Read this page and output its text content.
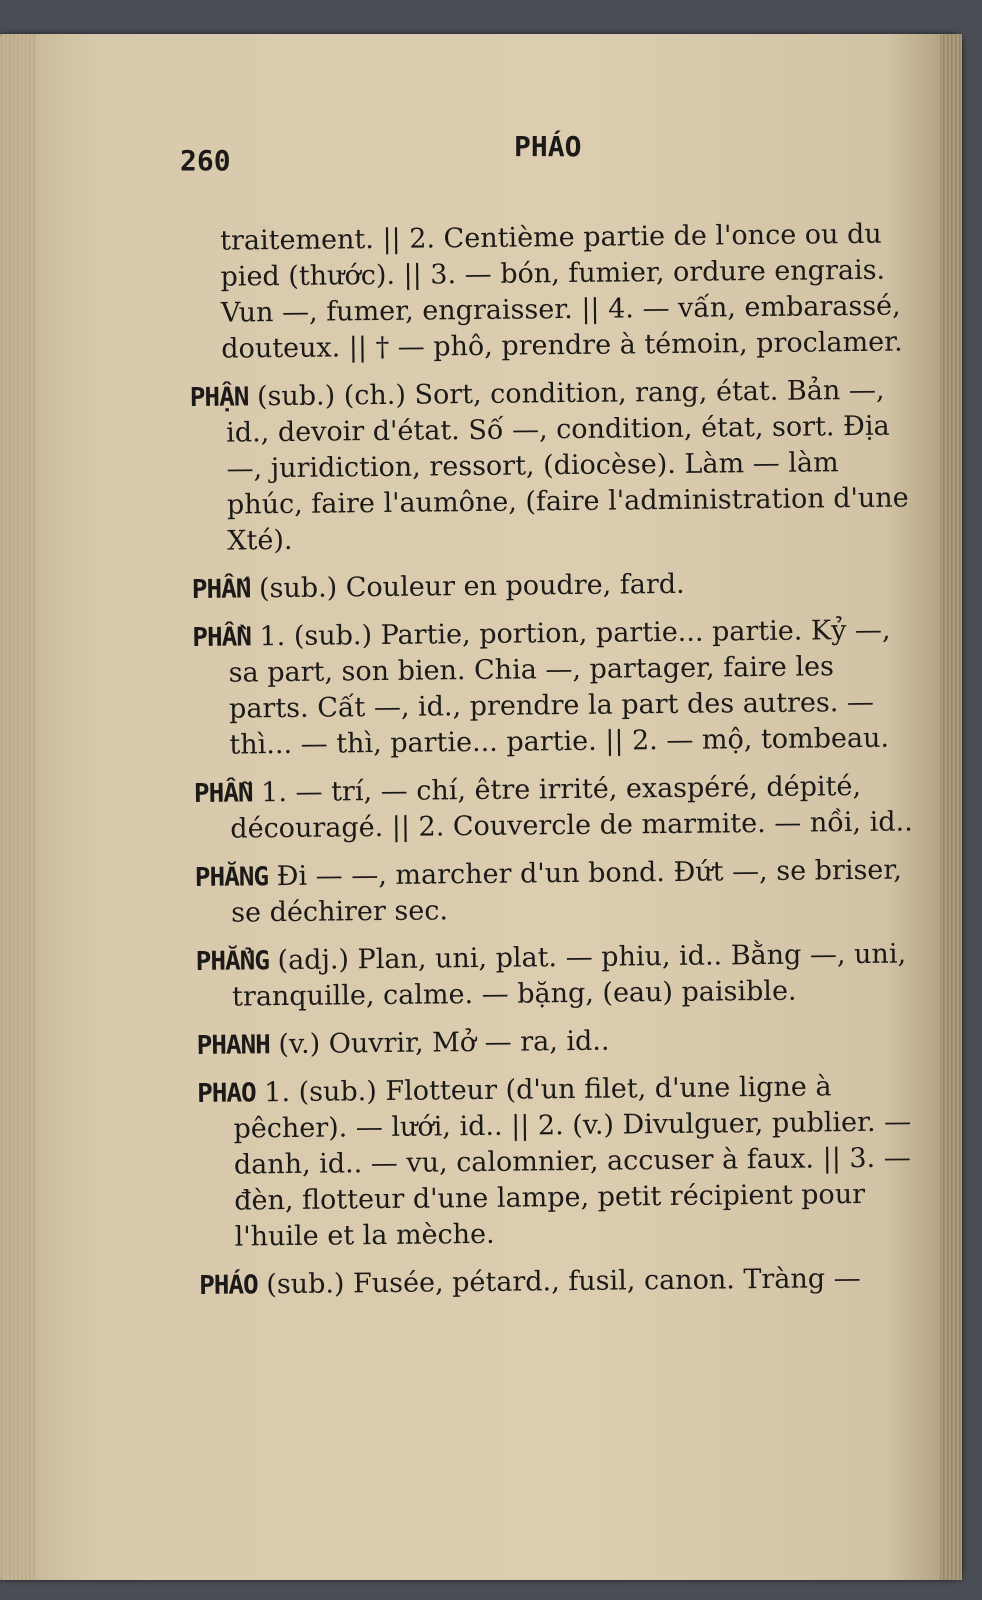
260	PHÁO
traitement. || 2. Centième partie de l'once ou du pied (thước). || 3. — bón, fumier, ordure engrais. Vun —, fumer, engraisser. || 4. — vấn, embarassé, douteux. || † — phô, prendre à témoin, proclamer.
PHẬN (sub.) (ch.) Sort, condition, rang, état. Bản —, id., devoir d'état. Số —, condition, état, sort. Địa —, juridiction, ressort, (diocèse). Làm — làm phúc, faire l'aumône, (faire l'administration d'une Xté).
PHẤN (sub.) Couleur en poudre, fard.
PHẦN 1. (sub.) Partie, portion, partie... partie. Kỷ —, sa part, son bien. Chia —, partager, faire les parts. Cất —, id., prendre la part des autres. — thì... — thì, partie... partie. || 2. — mộ, tombeau.
PHẪN 1. — trí, — chí, être irrité, exaspéré, dépité, découragé. || 2. Couvercle de marmite. — nồi, id..
PHĂNG Đi — —, marcher d'un bond. Đứt —, se briser, se déchirer sec.
PHẲNG (adj.) Plan, uni, plat. — phiu, id.. Bằng —, uni, tranquille, calme. — bặng, (eau) paisible.
PHANH (v.) Ouvrir, Mở — ra, id..
PHAO 1. (sub.) Flotteur (d'un filet, d'une ligne à pêcher). — lưới, id.. || 2. (v.) Divulguer, publier. — danh, id.. — vu, calomnier, accuser à faux. || 3. — đèn, flotteur d'une lampe, petit récipient pour l'huile et la mèche.
PHÁO (sub.) Fusée, pétard., fusil, canon. Tràng —
